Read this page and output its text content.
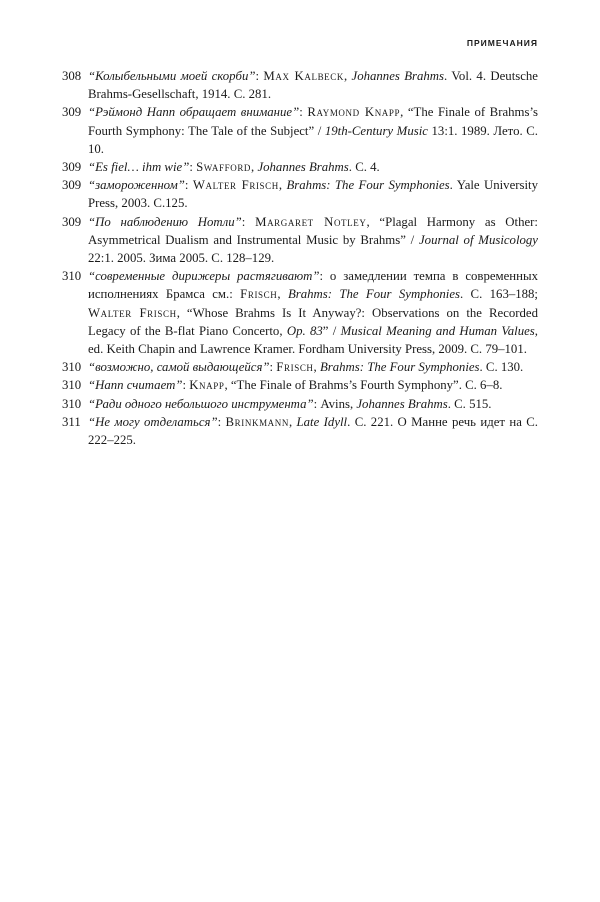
ПРИМЕЧАНИЯ
308 “Колыбельными моей скорби”: Max Kalbeck, Johannes Brahms. Vol. 4. Deutsche Brahms-Gesellschaft, 1914. C. 281.
309 “Рэймонд Напп обращает внимание”: Raymond Knapp, “The Finale of Brahms’s Fourth Symphony: The Tale of the Subject” / 19th-Century Music 13:1. 1989. Лето. С. 10.
309 “Es fiel… ihm wie”: Swafford, Johannes Brahms. С. 4.
309 “замороженном”: Walter Frisch, Brahms: The Four Symphonies. Yale University Press, 2003. С.125.
309 “По наблюдению Нотли”: Margaret Notley, “Plagal Harmony as Other: Asymmetrical Dualism and Instrumental Music by Brahms” / Journal of Musicology 22:1. 2005. Зима 2005. С. 128–129.
310 “современные дирижеры растягивают”: о замедлении темпа в современных исполнениях Брамса см.: Frisch, Brahms: The Four Symphonies. С. 163–188; Walter Frisch, “Whose Brahms Is It Anyway?: Observations on the Recorded Legacy of the B-flat Piano Concerto, Op. 83” / Musical Meaning and Human Values, ed. Keith Chapin and Lawrence Kramer. Fordham University Press, 2009. С. 79–101.
310 “возможно, самой выдающейся”: Frisch, Brahms: The Four Symphonies. С. 130.
310 “Напп считает”: Knapp, “The Finale of Brahms’s Fourth Symphony”. С. 6–8.
310 “Ради одного небольшого инструмента”: Avins, Johannes Brahms. С. 515.
311 “Не могу отделаться”: Brinkmann, Late Idyll. С. 221. О Манне речь идет на С. 222–225.
